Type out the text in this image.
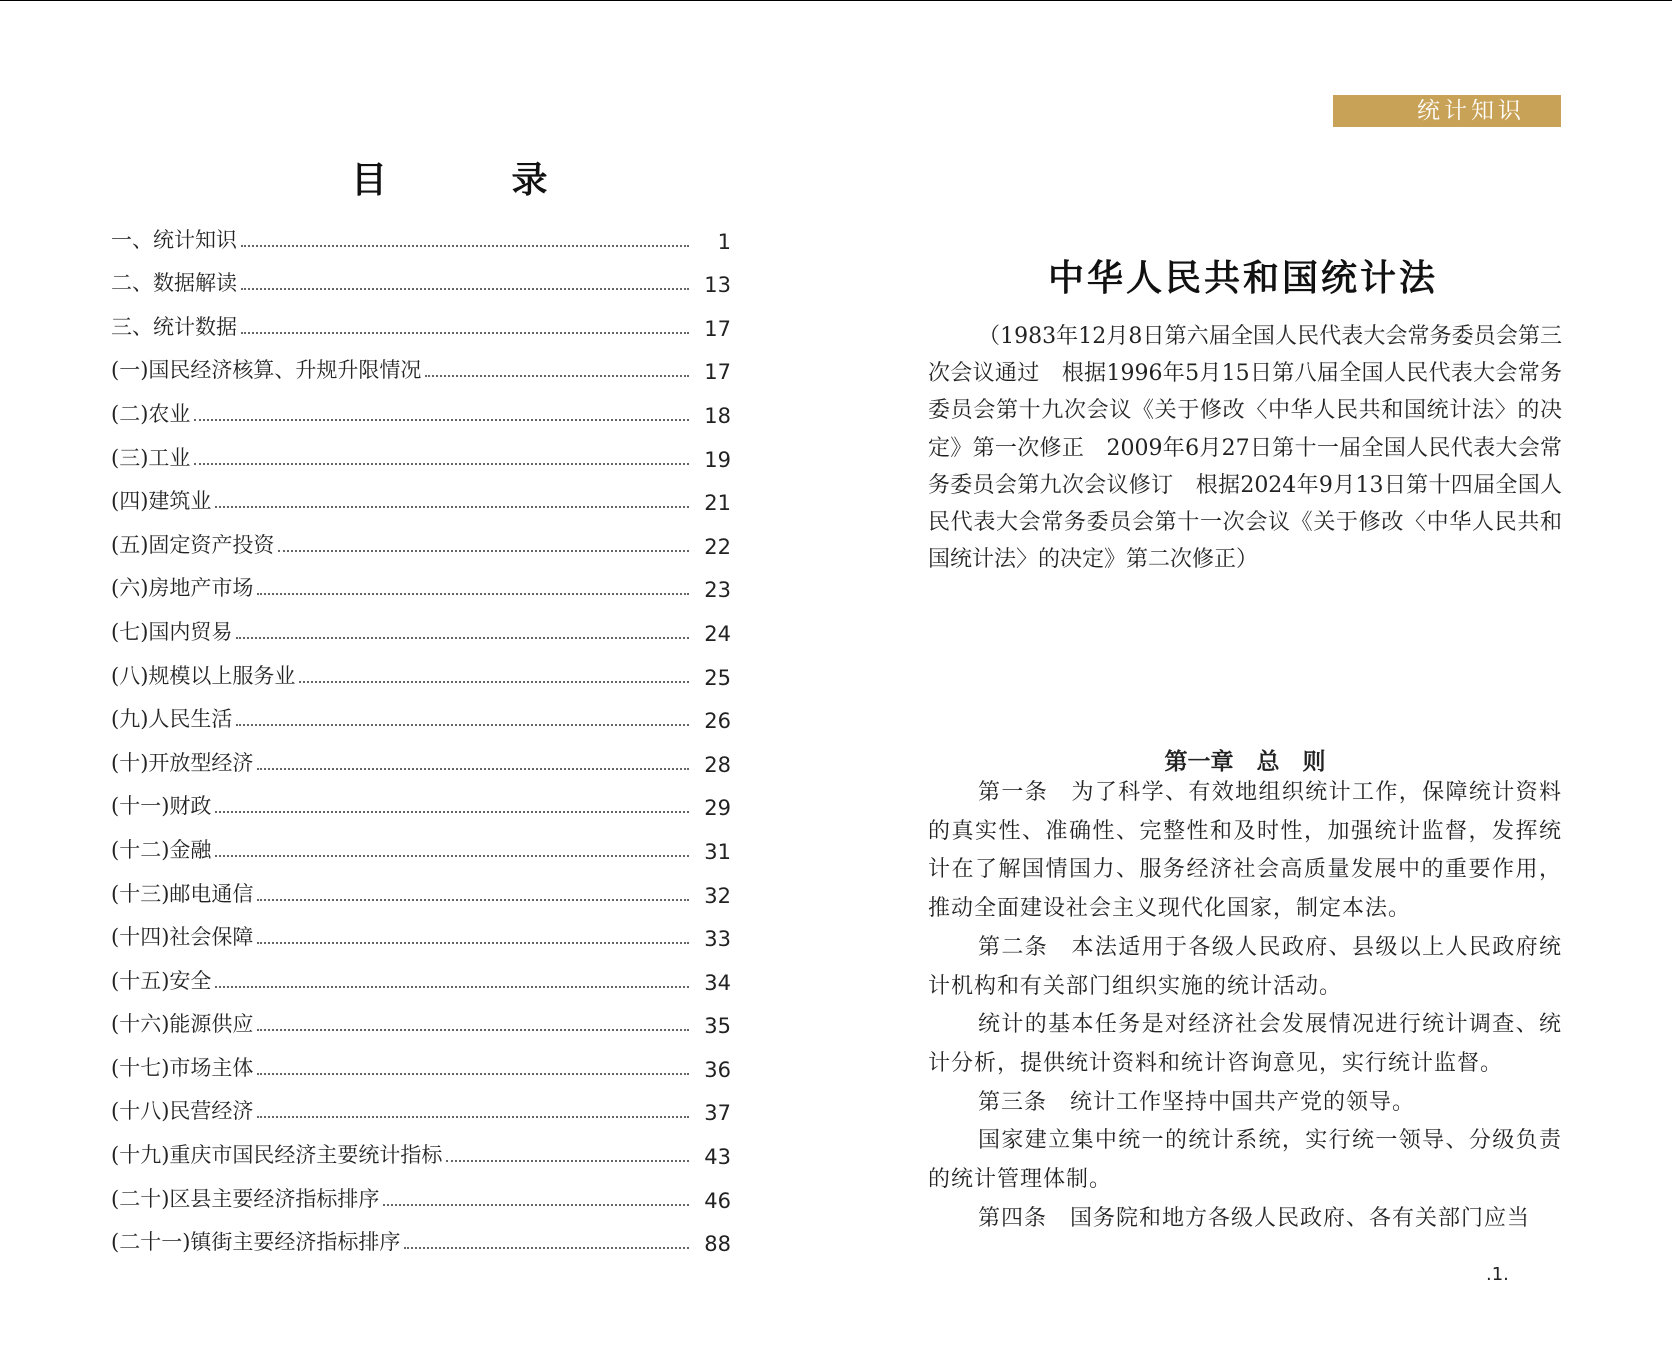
目 录
一、统计知识	1
二、数据解读	13
三、统计数据	17
(一)国民经济核算、升规升限情况	17
(二)农业	18
(三)工业	19
(四)建筑业	21
(五)固定资产投资	22
(六)房地产市场	23
(七)国内贸易	24
(八)规模以上服务业	25
(九)人民生活	26
(十)开放型经济	28
(十一)财政	29
(十二)金融	31
(十三)邮电通信	32
(十四)社会保障	33
(十五)安全	34
(十六)能源供应	35
(十七)市场主体	36
(十八)民营经济	37
(十九)重庆市国民经济主要统计指标	43
(二十)区县主要经济指标排序	46
(二十一)镇街主要经济指标排序	88
统计知识
中华人民共和国统计法

（1983年12月8日第六届全国人民代表大会常务委员会第三次会议通过　根据1996年5月15日第八届全国人民代表大会常务委员会第十九次会议《关于修改〈中华人民共和国统计法〉的决定》第一次修正　2009年6月27日第十一届全国人民代表大会常务委员会第九次会议修订　根据2024年9月13日第十四届全国人民代表大会常务委员会第十一次会议《关于修改〈中华人民共和国统计法〉的决定》第二次修正）

第一章　总　则

第一条　为了科学、有效地组织统计工作，保障统计资料的真实性、准确性、完整性和及时性，加强统计监督，发挥统计在了解国情国力、服务经济社会高质量发展中的重要作用，推动全面建设社会主义现代化国家，制定本法。

第二条　本法适用于各级人民政府、县级以上人民政府统计机构和有关部门组织实施的统计活动。

统计的基本任务是对经济社会发展情况进行统计调查、统计分析，提供统计资料和统计咨询意见，实行统计监督。

第三条　统计工作坚持中国共产党的领导。

国家建立集中统一的统计系统，实行统一领导、分级负责的统计管理体制。

第四条　国务院和地方各级人民政府、各有关部门应当

.1.
